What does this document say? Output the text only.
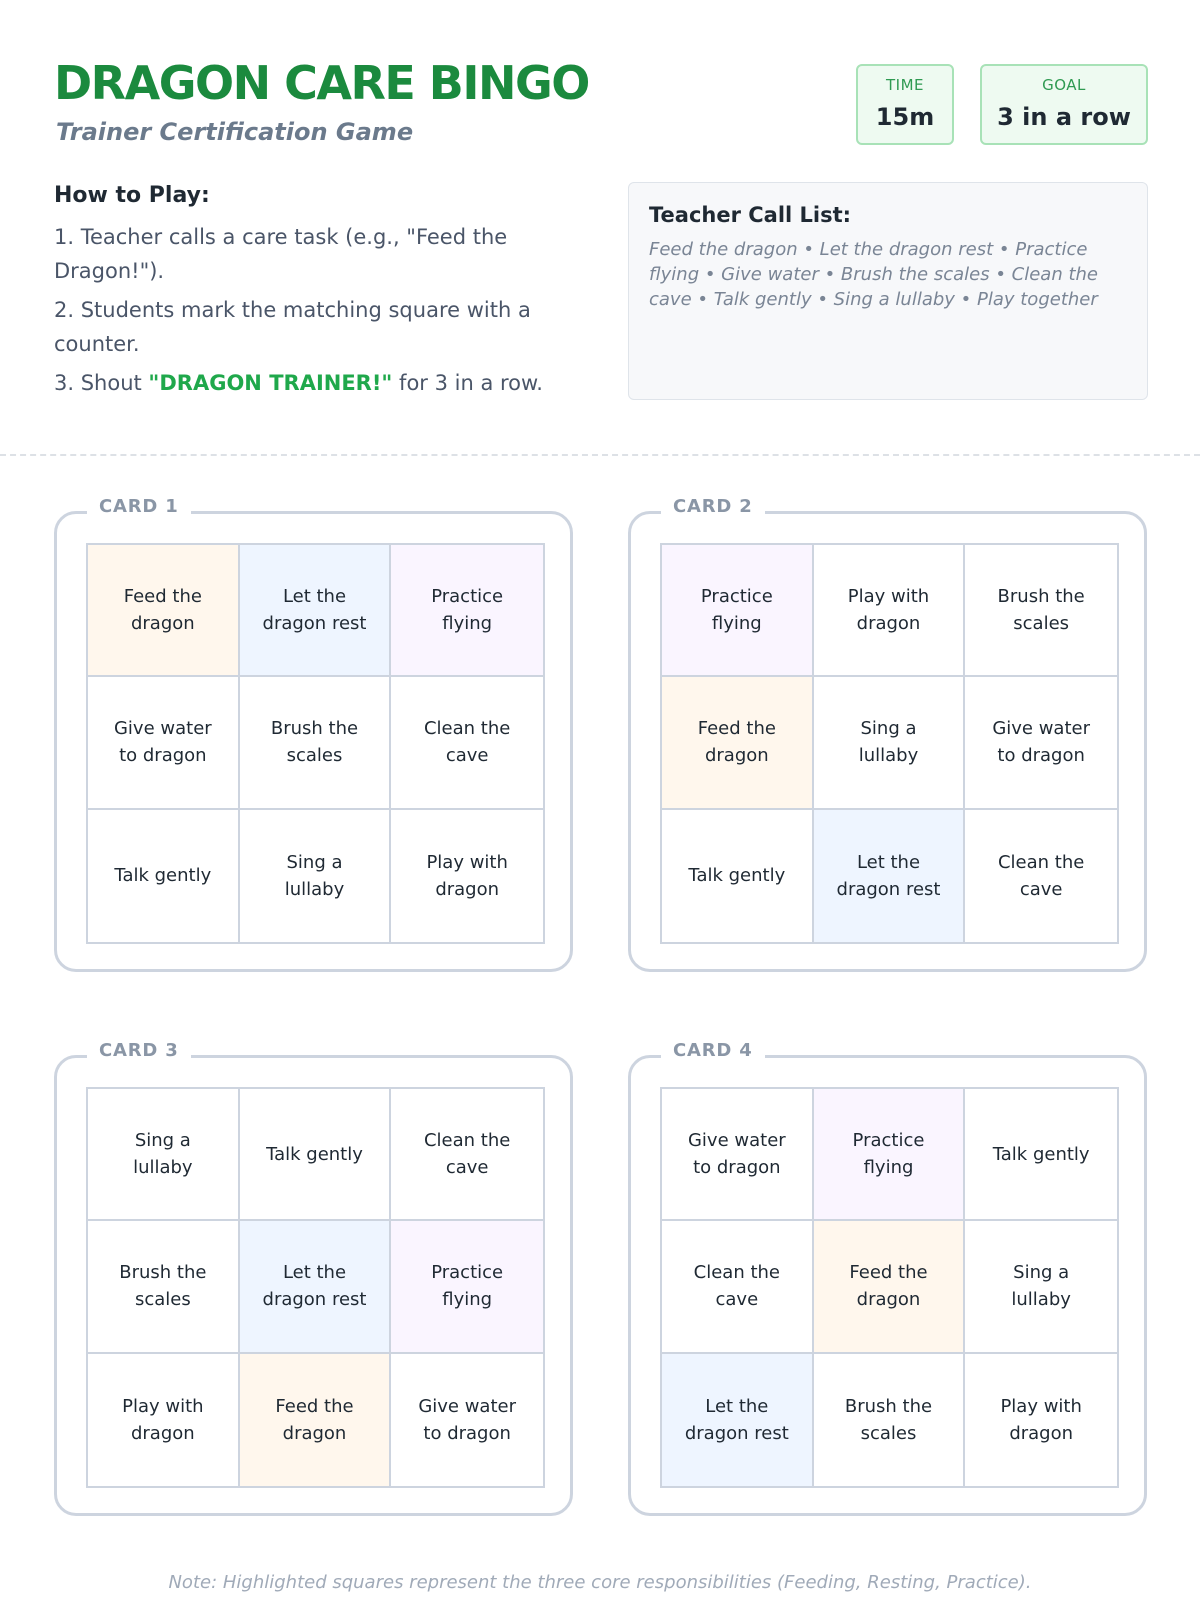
DRAGON CARE BINGO
Trainer Certification Game
TIME
15m
GOAL
3 in a row
How to Play:
1. Teacher calls a care task (e.g., "Feed the Dragon!").
2. Students mark the matching square with a counter.
3. Shout "DRAGON TRAINER!" for 3 in a row.
Teacher Call List:
Feed the dragon • Let the dragon rest • Practice flying • Give water • Brush the scales • Clean the cave • Talk gently • Sing a lullaby • Play together
CARD 1
Feed the dragon
Let the dragon rest
Practice flying
Give water to dragon
Brush the scales
Clean the cave
Talk gently
Sing a lullaby
Play with dragon
CARD 2
Practice flying
Play with dragon
Brush the scales
Feed the dragon
Sing a lullaby
Give water to dragon
Talk gently
Let the dragon rest
Clean the cave
CARD 3
Sing a lullaby
Talk gently
Clean the cave
Brush the scales
Let the dragon rest
Practice flying
Play with dragon
Feed the dragon
Give water to dragon
CARD 4
Give water to dragon
Practice flying
Talk gently
Clean the cave
Feed the dragon
Sing a lullaby
Let the dragon rest
Brush the scales
Play with dragon
Note: Highlighted squares represent the three core responsibilities (Feeding, Resting, Practice).
